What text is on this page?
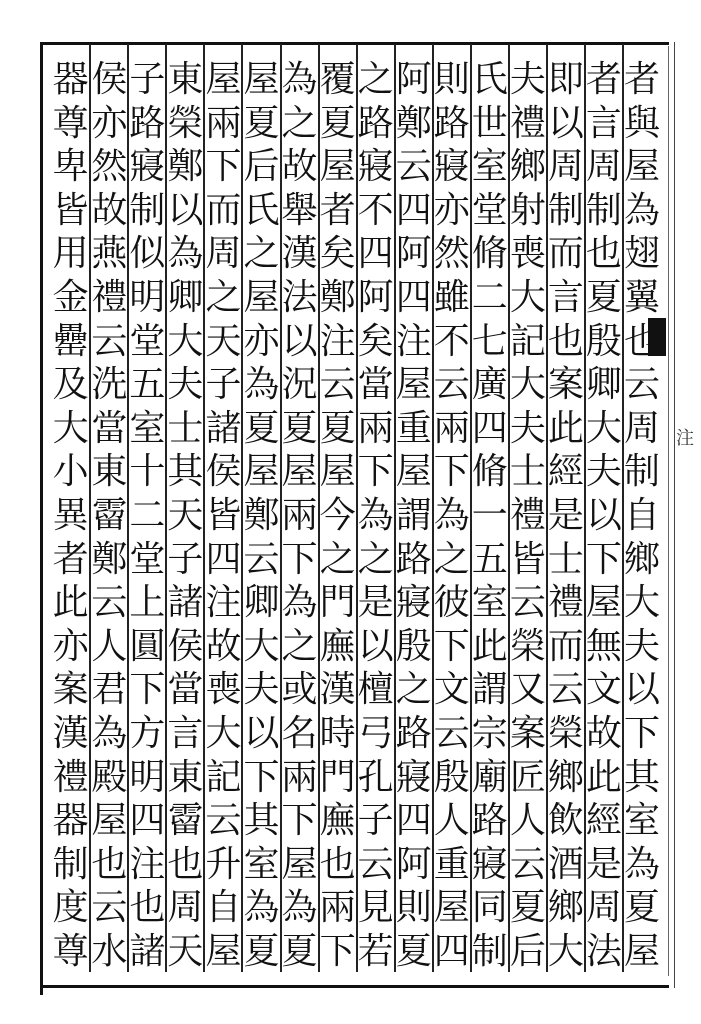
注
者
與
屋
為
翅
翼
也
云
周
制
自
鄉
大
夫
以
下
其
室
為
夏
屋
者
言
周
制
也
夏
殷
卿
大
夫
以
下
屋
無
文
故
此
經
是
周
法
即
以
周
制
而
言
也
案
此
經
是
士
禮
而
云
榮
鄉
飲
酒
鄉
大
夫
禮
鄉
射
喪
大
記
大
夫
士
禮
皆
云
榮
又
案
匠
人
云
夏
后
氏
世
室
堂
脩
二
七
廣
四
脩
一
五
室
此
謂
宗
廟
路
寢
同
制
則
路
寢
亦
然
雖
不
云
兩
下
為
之
彼
下
文
云
殷
人
重
屋
四
阿
鄭
云
四
阿
四
注
屋
重
屋
謂
路
寢
殷
之
路
寢
四
阿
則
夏
之
路
寢
不
四
阿
矣
當
兩
下
為
之
是
以
檀
弓
孔
子
云
見
若
覆
夏
屋
者
矣
鄭
注
云
夏
屋
今
之
門
廡
漢
時
門
廡
也
兩
下
為
之
故
舉
漢
法
以
況
夏
屋
兩
下
為
之
或
名
兩
下
屋
為
夏
屋
夏
后
氏
之
屋
亦
為
夏
屋
鄭
云
卿
大
夫
以
下
其
室
為
夏
屋
兩
下
而
周
之
天
子
諸
侯
皆
四
注
故
喪
大
記
云
升
自
屋
東
榮
鄭
以
為
卿
大
夫
士
其
天
子
諸
侯
當
言
東
霤
也
周
天
子
路
寢
制
似
明
堂
五
室
十
二
堂
上
圓
下
方
明
四
注
也
諸
侯
亦
然
故
燕
禮
云
洗
當
東
霤
鄭
云
人
君
為
殿
屋
也
云
水
器
尊
卑
皆
用
金
罍
及
大
小
異
者
此
亦
案
漢
禮
器
制
度
尊
